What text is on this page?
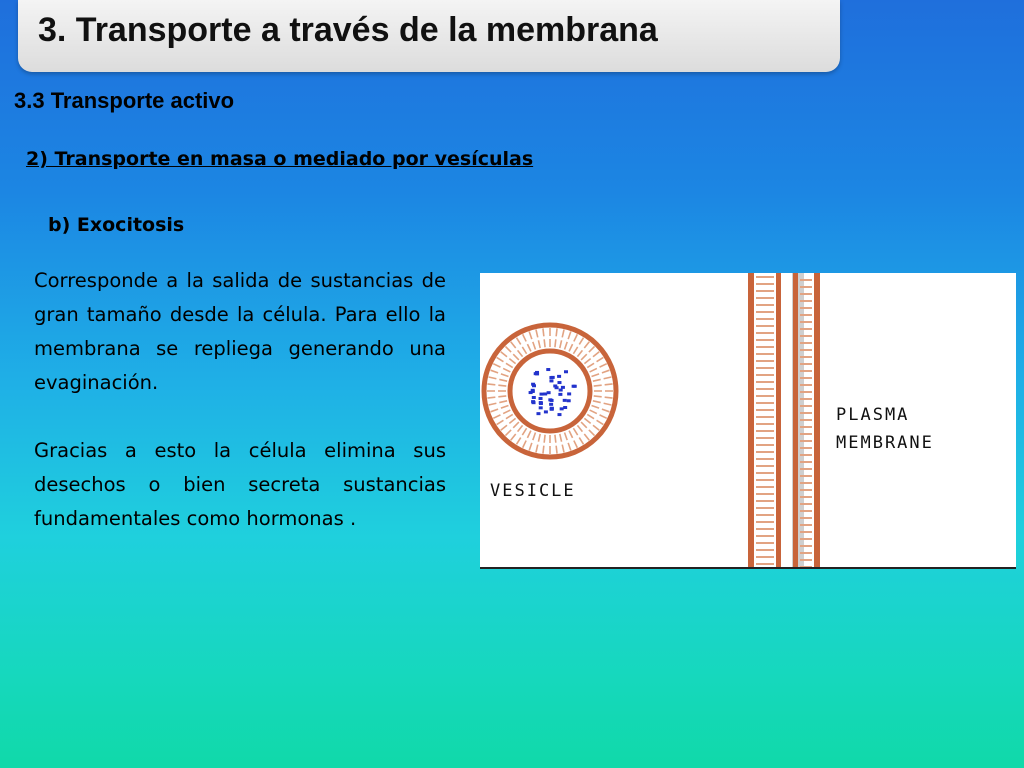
3. Transporte a través de la membrana
3.3 Transporte activo
2) Transporte en masa o mediado por vesículas
b) Exocitosis

Corresponde a la salida de sustancias de gran tamaño desde la célula. Para ello la membrana se repliega generando una evaginación.

Gracias a esto la célula elimina sus desechos o bien secreta sustancias fundamentales como hormonas .

VESICLE
PLASMA
MEMBRANE
